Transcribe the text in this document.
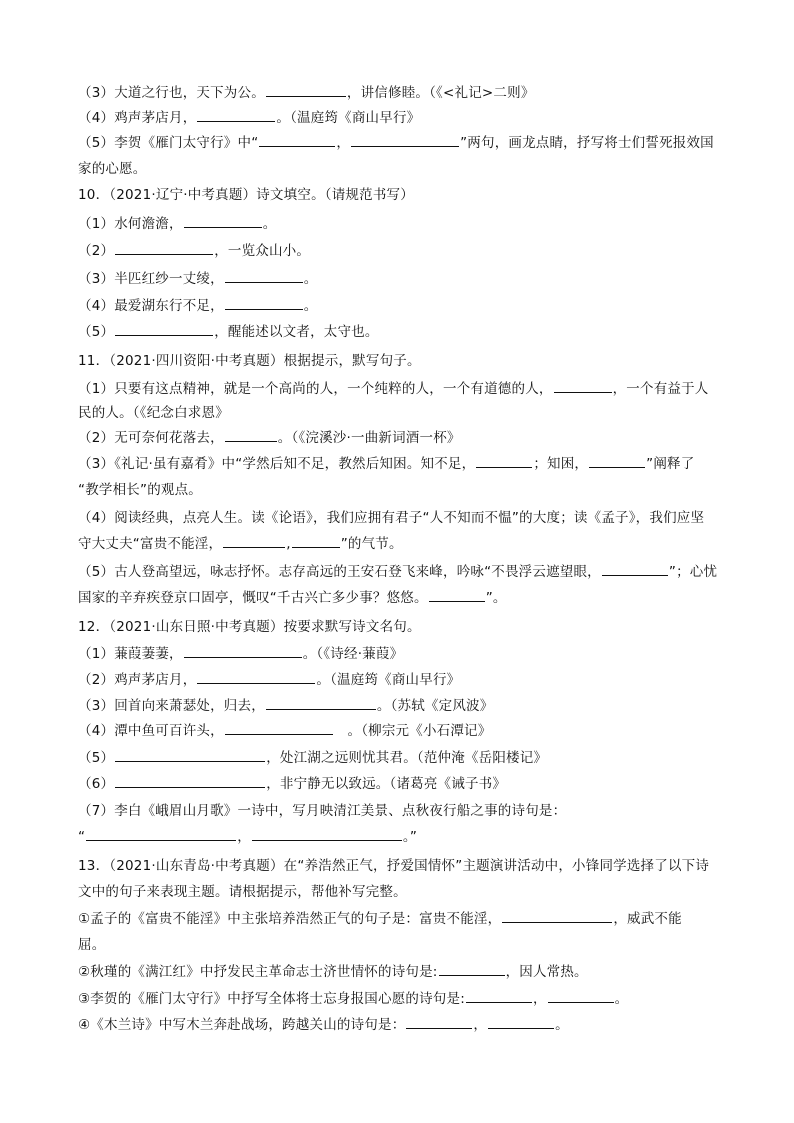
（3）大道之行也，天下为公。	，讲信修睦。（《<礼记>二则》
（4）鸡声茅店月，	。（温庭筠《商山早行》
（5）李贺《雁门太守行》中“	，	”两句，画龙点睛，抒写将士们誓死报效国
家的心愿。
10．（2021·辽宁·中考真题）诗文填空。（请规范书写）
（1）水何澹澹，	。
（2）	，一览众山小。
（3）半匹红纱一丈绫，	。
（4）最爱湖东行不足，	。
（5）	，醒能述以文者，太守也。
11．（2021·四川资阳·中考真题）根据提示，默写句子。
（1）只要有这点精神，就是一个高尚的人，一个纯粹的人，一个有道德的人，	，一个有益于人
民的人。（《纪念白求恩》
（2）无可奈何花落去，	。（《浣溪沙·一曲新词酒一杯》
（3）《礼记·虽有嘉肴》中“学然后知不足，教然后知困。知不足，	；知困，	”阐释了
“教学相长”的观点。
（4）阅读经典，点亮人生。读《论语》，我们应拥有君子“人不知而不愠”的大度；读《孟子》，我们应坚
守大丈夫“富贵不能淫，	,	”的气节。
（5）古人登高望远，咏志抒怀。志存高远的王安石登飞来峰，吟咏“不畏浮云遮望眼，	”；心忧
国家的辛弃疾登京口固亭，慨叹“千古兴亡多少事？悠悠。	”。
12．（2021·山东日照·中考真题）按要求默写诗文名句。
（1）蒹葭萋萋，	。（《诗经·蒹葭》
（2）鸡声茅店月，	。（温庭筠《商山早行》
（3）回首向来萧瑟处，归去，	。（苏轼《定风波》
（4）潭中鱼可百许头，	　。（柳宗元《小石潭记》
（5）	，处江湖之远则忧其君。（范仲淹《岳阳楼记》
（6）	，非宁静无以致远。（诸葛亮《诫子书》
（7）李白《峨眉山月歌》一诗中，写月映清江美景、点秋夜行船之事的诗句是：
“	，	。”
13．（2021·山东青岛·中考真题）在“养浩然正气，抒爱国情怀”主题演讲活动中，小锋同学选择了以下诗
文中的句子来表现主题。请根据提示，帮他补写完整。
①孟子的《富贵不能淫》中主张培养浩然正气的句子是：富贵不能淫，	，威武不能
屈。
②秋瑾的《满江红》中抒发民主革命志士济世情怀的诗句是:	，因人常热。
③李贺的《雁门太守行》中抒写全体将士忘身报国心愿的诗句是:	，	。
④《木兰诗》中写木兰奔赴战场，跨越关山的诗句是：	，	。
